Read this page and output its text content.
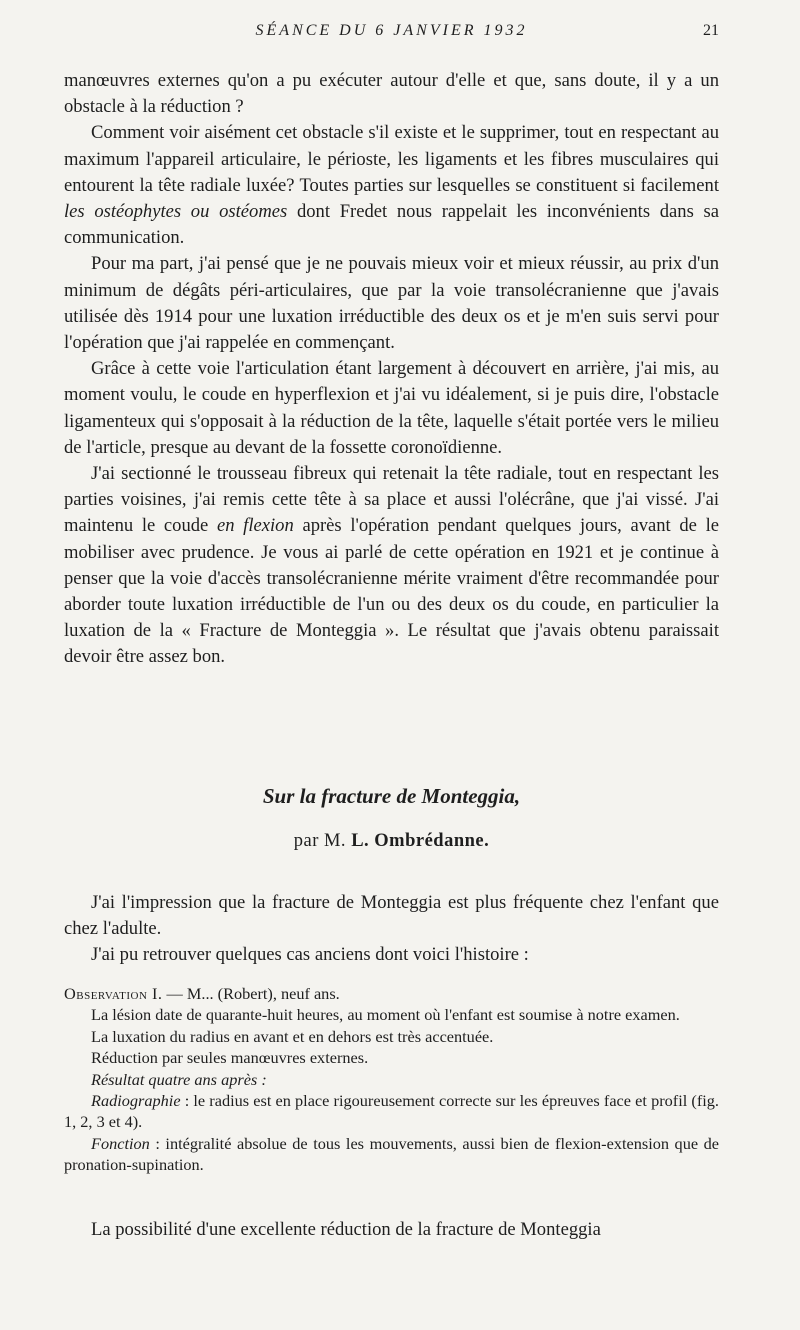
SÉANCE DU 6 JANVIER 1932	21

manœuvres externes qu'on a pu exécuter autour d'elle et que, sans doute, il y a un obstacle à la réduction ?

Comment voir aisément cet obstacle s'il existe et le supprimer, tout en respectant au maximum l'appareil articulaire, le périoste, les ligaments et les fibres musculaires qui entourent la tête radiale luxée? Toutes parties sur lesquelles se constituent si facilement les ostéophytes ou ostéomes dont Fredet nous rappelait les inconvénients dans sa communication.

Pour ma part, j'ai pensé que je ne pouvais mieux voir et mieux réussir, au prix d'un minimum de dégâts péri-articulaires, que par la voie transolécranienne que j'avais utilisée dès 1914 pour une luxation irréductible des deux os et je m'en suis servi pour l'opération que j'ai rappelée en commençant.

Grâce à cette voie l'articulation étant largement à découvert en arrière, j'ai mis, au moment voulu, le coude en hyperflexion et j'ai vu idéalement, si je puis dire, l'obstacle ligamenteux qui s'opposait à la réduction de la tête, laquelle s'était portée vers le milieu de l'article, presque au devant de la fossette coronoïdienne.

J'ai sectionné le trousseau fibreux qui retenait la tête radiale, tout en respectant les parties voisines, j'ai remis cette tête à sa place et aussi l'olécrâne, que j'ai vissé. J'ai maintenu le coude en flexion après l'opération pendant quelques jours, avant de le mobiliser avec prudence. Je vous ai parlé de cette opération en 1921 et je continue à penser que la voie d'accès transolécranienne mérite vraiment d'être recommandée pour aborder toute luxation irréductible de l'un ou des deux os du coude, en particulier la luxation de la « Fracture de Monteggia ». Le résultat que j'avais obtenu paraissait devoir être assez bon.

Sur la fracture de Monteggia,
par M. L. Ombrédanne.

J'ai l'impression que la fracture de Monteggia est plus fréquente chez l'enfant que chez l'adulte.

J'ai pu retrouver quelques cas anciens dont voici l'histoire :

Observation I. — M... (Robert), neuf ans.

La lésion date de quarante-huit heures, au moment où l'enfant est soumise à notre examen.

La luxation du radius en avant et en dehors est très accentuée.

Réduction par seules manœuvres externes.

Résultat quatre ans après :

Radiographie : le radius est en place rigoureusement correcte sur les épreuves face et profil (fig. 1, 2, 3 et 4).

Fonction : intégralité absolue de tous les mouvements, aussi bien de flexion-extension que de pronation-supination.

La possibilité d'une excellente réduction de la fracture de Monteggia
